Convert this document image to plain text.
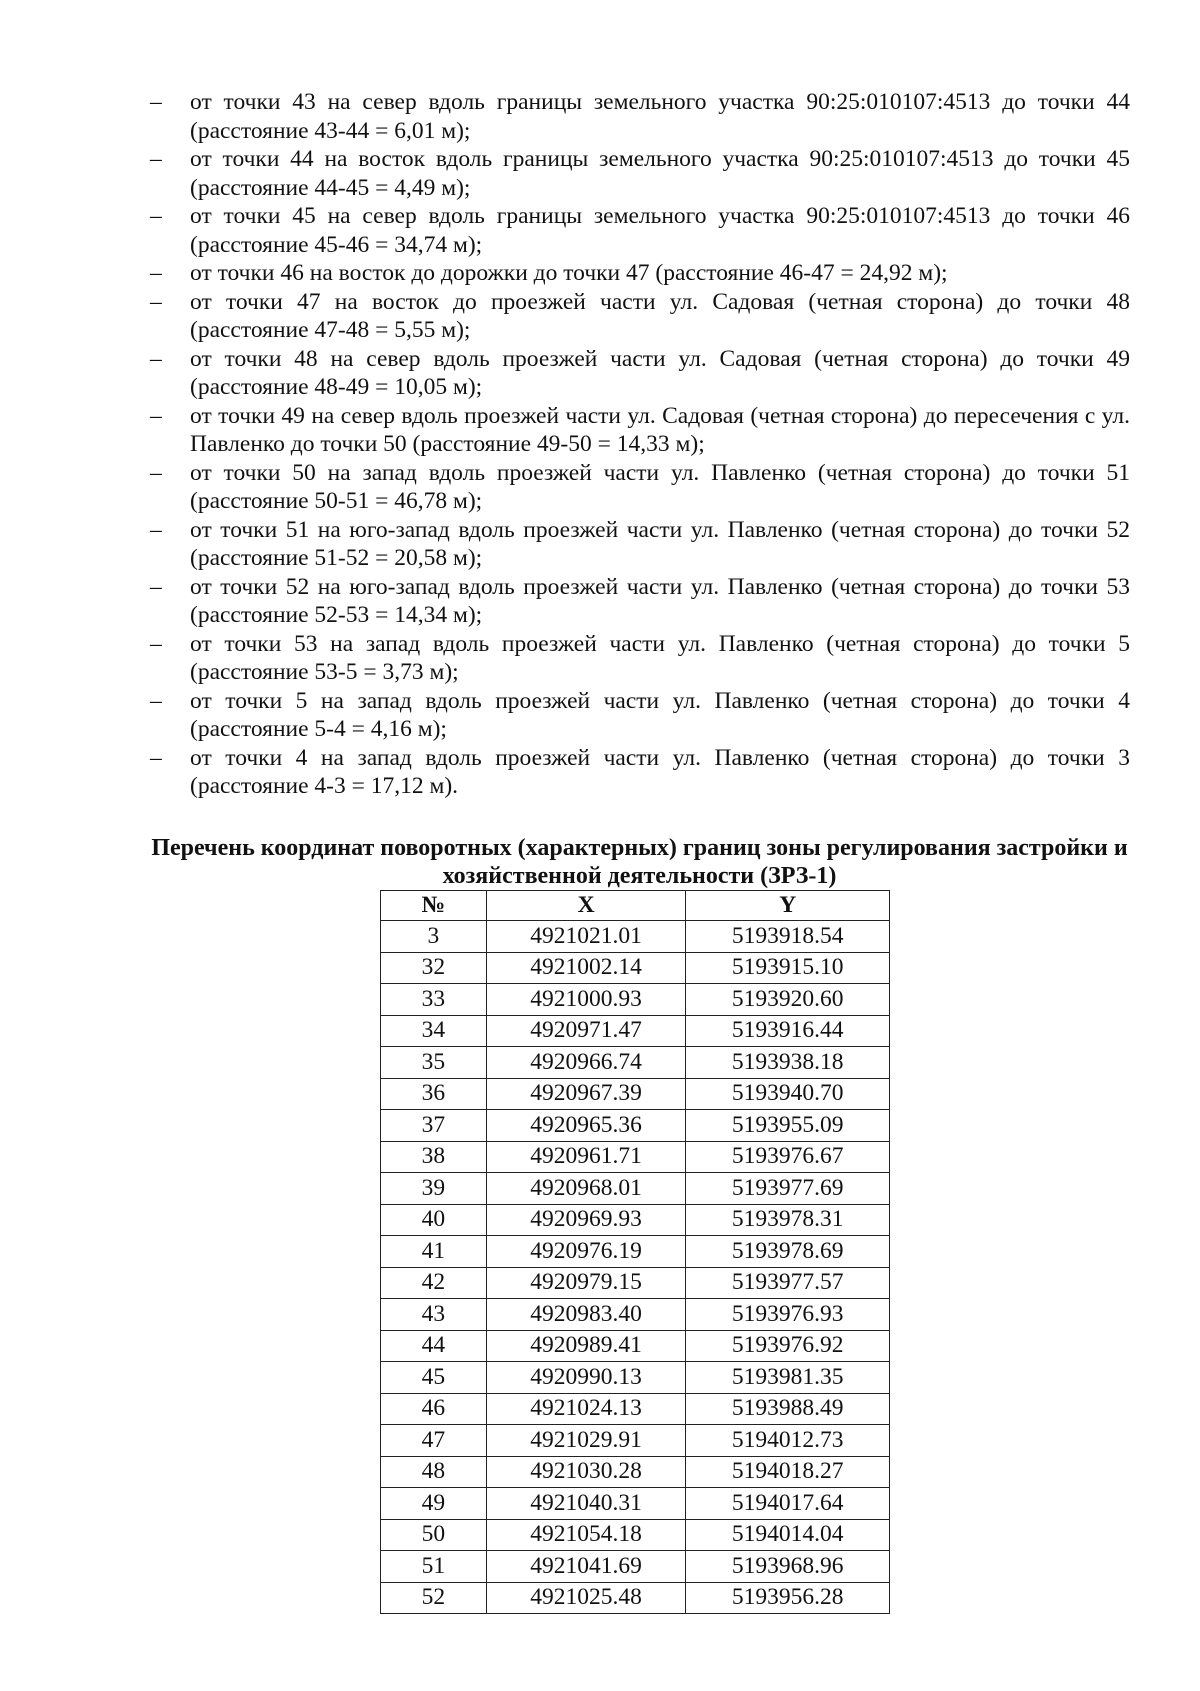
– от точки 43 на север вдоль границы земельного участка 90:25:010107:4513 до точки 44 (расстояние 43-44 = 6,01 м);
– от точки 44 на восток вдоль границы земельного участка 90:25:010107:4513 до точки 45 (расстояние 44-45 = 4,49 м);
– от точки 45 на север вдоль границы земельного участка 90:25:010107:4513 до точки 46 (расстояние 45-46 = 34,74 м);
– от точки 46 на восток до дорожки до точки 47 (расстояние 46-47 = 24,92 м);
– от точки 47 на восток до проезжей части ул. Садовая (четная сторона) до точки 48 (расстояние 47-48 = 5,55 м);
– от точки 48 на север вдоль проезжей части ул. Садовая (четная сторона) до точки 49 (расстояние 48-49 = 10,05 м);
– от точки 49 на север вдоль проезжей части ул. Садовая (четная сторона) до пересечения с ул. Павленко до точки 50 (расстояние 49-50 = 14,33 м);
– от точки 50 на запад вдоль проезжей части ул. Павленко (четная сторона) до точки 51 (расстояние 50-51 = 46,78 м);
– от точки 51 на юго-запад вдоль проезжей части ул. Павленко (четная сторона) до точки 52 (расстояние 51-52 = 20,58 м);
– от точки 52 на юго-запад вдоль проезжей части ул. Павленко (четная сторона) до точки 53 (расстояние 52-53 = 14,34 м);
– от точки 53 на запад вдоль проезжей части ул. Павленко (четная сторона) до точки 5 (расстояние 53-5 = 3,73 м);
– от точки 5 на запад вдоль проезжей части ул. Павленко (четная сторона) до точки 4 (расстояние 5-4 = 4,16 м);
– от точки 4 на запад вдоль проезжей части ул. Павленко (четная сторона) до точки 3 (расстояние 4-3 = 17,12 м).
Перечень координат поворотных (характерных) границ зоны регулирования застройки и хозяйственной деятельности (ЗРЗ-1)
№	X	Y
3	4921021.01	5193918.54
32	4921002.14	5193915.10
33	4921000.93	5193920.60
34	4920971.47	5193916.44
35	4920966.74	5193938.18
36	4920967.39	5193940.70
37	4920965.36	5193955.09
38	4920961.71	5193976.67
39	4920968.01	5193977.69
40	4920969.93	5193978.31
41	4920976.19	5193978.69
42	4920979.15	5193977.57
43	4920983.40	5193976.93
44	4920989.41	5193976.92
45	4920990.13	5193981.35
46	4921024.13	5193988.49
47	4921029.91	5194012.73
48	4921030.28	5194018.27
49	4921040.31	5194017.64
50	4921054.18	5194014.04
51	4921041.69	5193968.96
52	4921025.48	5193956.28
